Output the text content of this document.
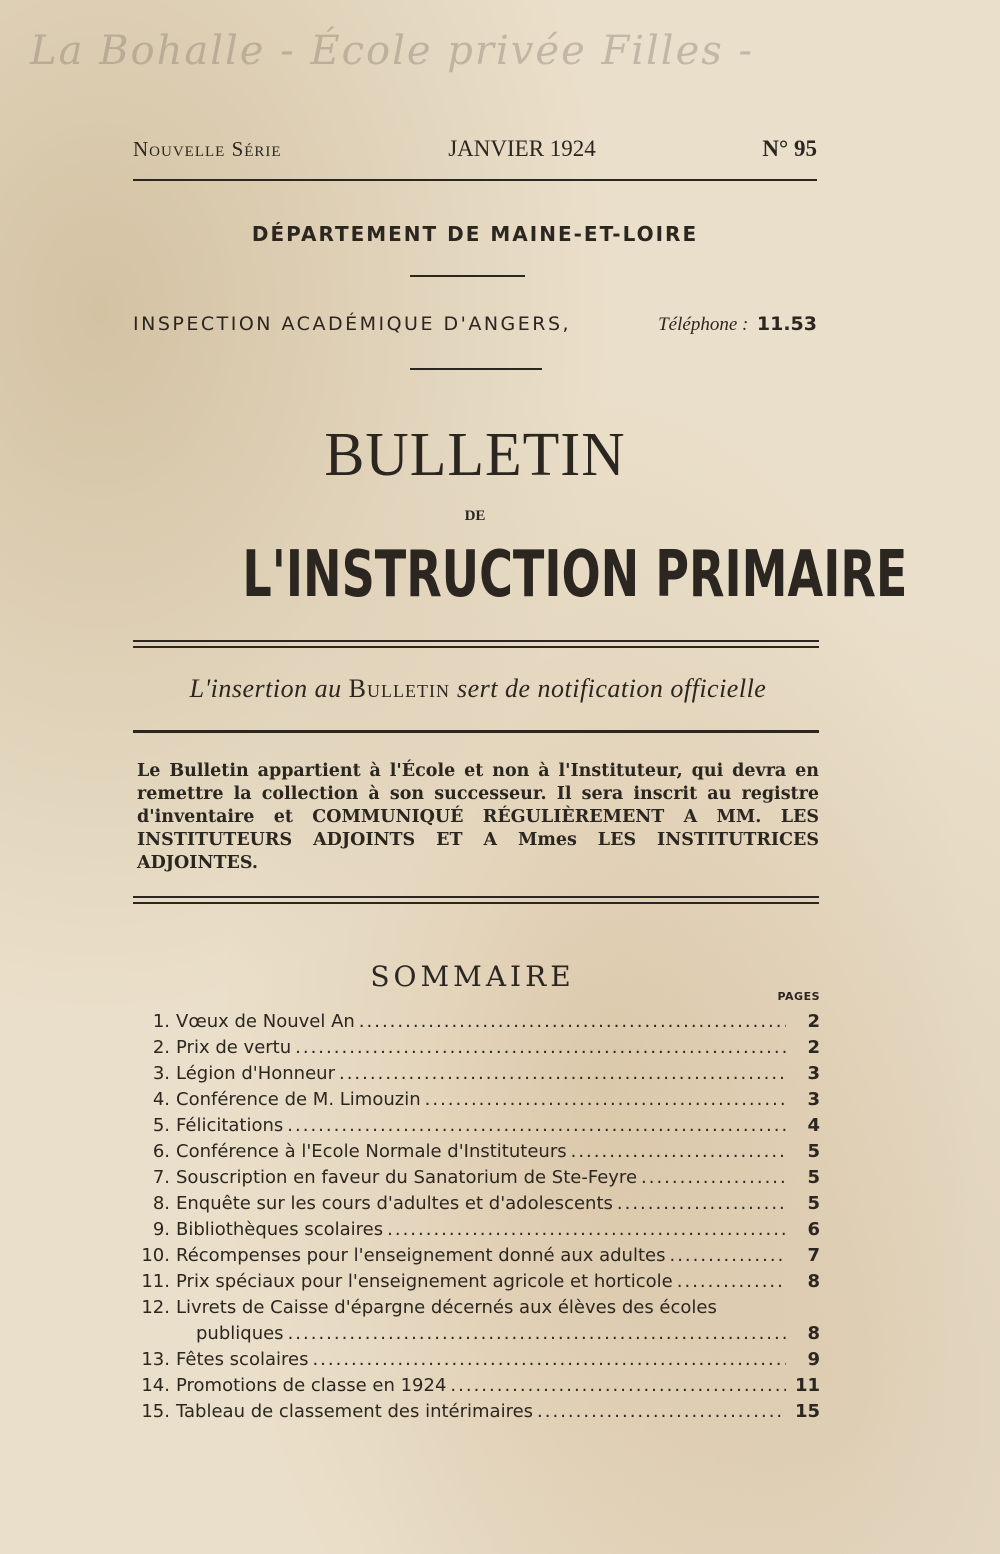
La Bohalle - École privée Filles -
Nouvelle Série	JANVIER 1924	N° 95
DÉPARTEMENT DE MAINE-ET-LOIRE
INSPECTION ACADÉMIQUE D'ANGERS,	Téléphone : 11.53
BULLETIN
DE
L'INSTRUCTION PRIMAIRE
L'insertion au Bulletin sert de notification officielle
Le Bulletin appartient à l'École et non à l'Instituteur, qui devra en remettre la collection à son successeur. Il sera inscrit au registre d'inventaire et COMMUNIQUÉ RÉGULIÈREMENT A MM. LES INSTITUTEURS ADJOINTS ET A Mmes LES INSTITUTRICES ADJOINTES.
SOMMAIRE
PAGES
1. Vœux de Nouvel An .....	2
2. Prix de vertu .....	2
3. Légion d'Honneur .....	3
4. Conférence de M. Limouzin .....	3
5. Félicitations .....	4
6. Conférence à l'Ecole Normale d'Instituteurs .....	5
7. Souscription en faveur du Sanatorium de Ste-Feyre .....	5
8. Enquête sur les cours d'adultes et d'adolescents .....	5
9. Bibliothèques scolaires .....	6
10. Récompenses pour l'enseignement donné aux adultes .....	7
11. Prix spéciaux pour l'enseignement agricole et horticole .....	8
12. Livrets de Caisse d'épargne décernés aux élèves des écoles
publiques .....	8
13. Fêtes scolaires .....	9
14. Promotions de classe en 1924 .....	11
15. Tableau de classement des intérimaires .....	15
